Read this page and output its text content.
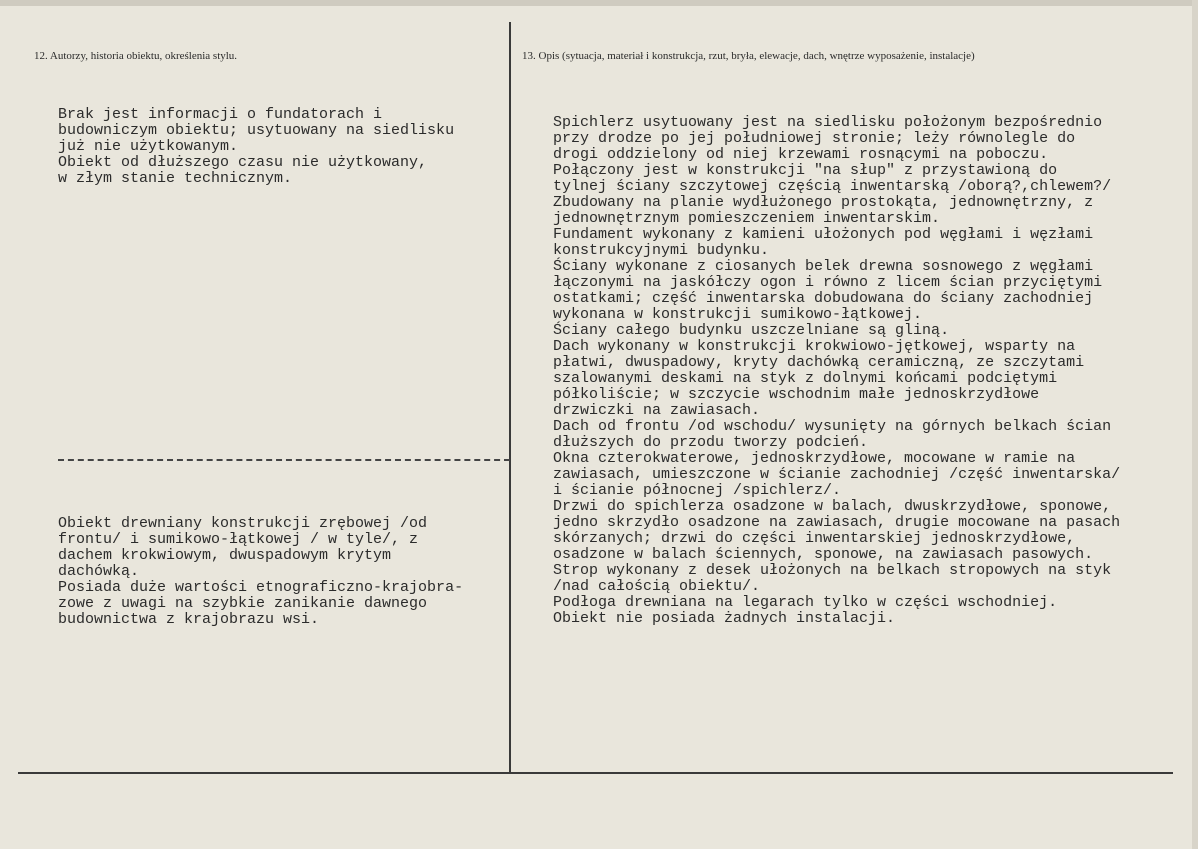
12. Autorzy, historia obiektu, określenia stylu.	13. Opis (sytuacja, materiał i konstrukcja, rzut, bryła, elewacje, dach, wnętrze wyposażenie, instalacje)
Brak jest informacji o fundatorach i
budowniczym obiektu; usytuowany na siedlisku
już nie użytkowanym.
Obiekt od dłuższego czasu nie użytkowany,
w złym stanie technicznym.
Obiekt drewniany konstrukcji zrębowej /od
frontu/ i sumikowo-łątkowej / w tyle/, z
dachem krokwiowym, dwuspadowym krytym
dachówką.
Posiada duże wartości etnograficzno-krajobra-
zowe z uwagi na szybkie zanikanie dawnego
budownictwa z krajobrazu wsi.
Spichlerz usytuowany jest na siedlisku położonym bezpośrednio
przy drodze po jej południowej stronie; leży równolegle do
drogi oddzielony od niej krzewami rosnącymi na poboczu.
Połączony jest w konstrukcji "na słup" z przystawioną do
tylnej ściany szczytowej częścią inwentarską /oborą?,chlewem?/
Zbudowany na planie wydłużonego prostokąta, jednownętrzny, z
jednownętrznym pomieszczeniem inwentarskim.
Fundament wykonany z kamieni ułożonych pod węgłami i węzłami
konstrukcyjnymi budynku.
Ściany wykonane z ciosanych belek drewna sosnowego z węgłami
łączonymi na jaskółczy ogon i równo z licem ścian przyciętymi
ostatkami; część inwentarska dobudowana do ściany zachodniej
wykonana w konstrukcji sumikowo-łątkowej.
Ściany całego budynku uszczelniane są gliną.
Dach wykonany w konstrukcji krokwiowo-jętkowej, wsparty na
płatwi, dwuspadowy, kryty dachówką ceramiczną, ze szczytami
szalowanymi deskami na styk z dolnymi końcami podciętymi
półkoliście; w szczycie wschodnim małe jednoskrzydłowe
drzwiczki na zawiasach.
Dach od frontu /od wschodu/ wysunięty na górnych belkach ścian
dłuższych do przodu tworzy podcień.
Okna czterokwaterowe, jednoskrzydłowe, mocowane w ramie na
zawiasach, umieszczone w ścianie zachodniej /część inwentarska/
i ścianie północnej /spichlerz/.
Drzwi do spichlerza osadzone w balach, dwuskrzydłowe, sponowe,
jedno skrzydło osadzone na zawiasach, drugie mocowane na pasach
skórzanych; drzwi do części inwentarskiej jednoskrzydłowe,
osadzone w balach ściennych, sponowe, na zawiasach pasowych.
Strop wykonany z desek ułożonych na belkach stropowych na styk
/nad całością obiektu/.
Podłoga drewniana na legarach tylko w części wschodniej.
Obiekt nie posiada żadnych instalacji.
